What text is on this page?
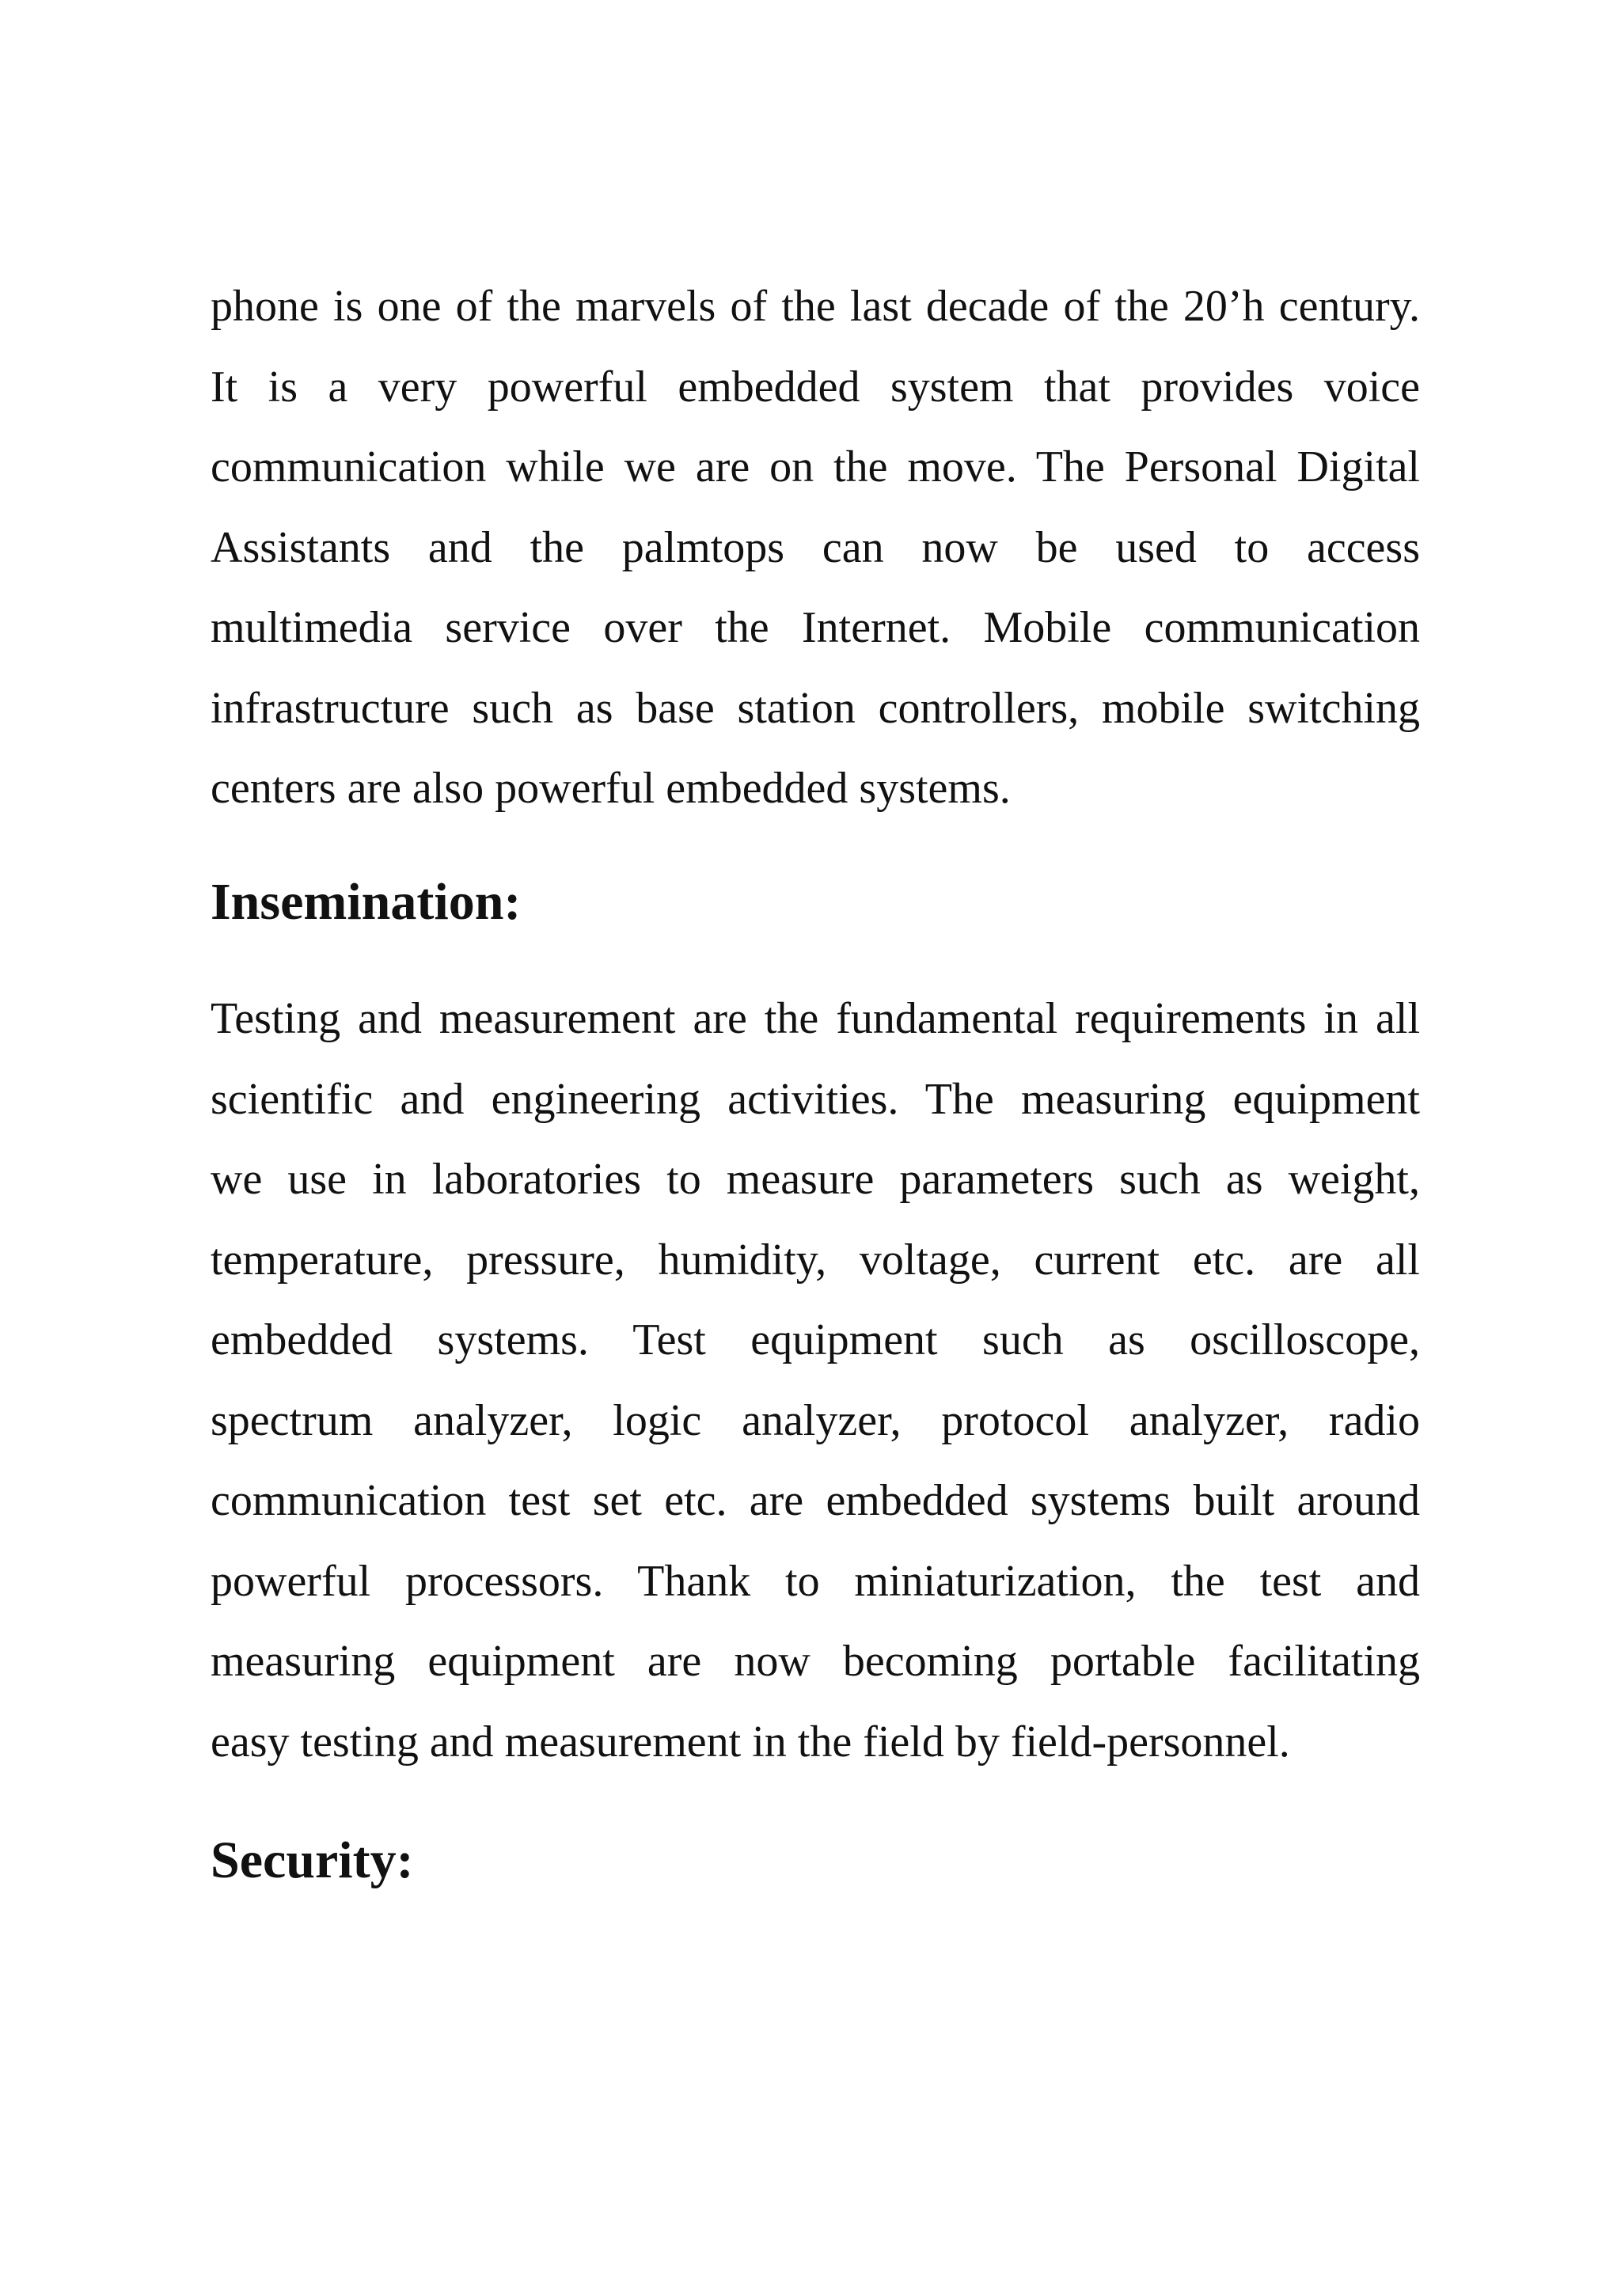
phone is one of the marvels of the last decade of the 20’h century.
It is a very powerful embedded system that provides voice
communication while we are on the move. The Personal Digital
Assistants and the palmtops can now be used to access
multimedia service over the Internet. Mobile communication
infrastructure such as base station controllers, mobile switching
centers are also powerful embedded systems.
Insemination:
Testing and measurement are the fundamental requirements in all
scientific and engineering activities. The measuring equipment
we use in laboratories to measure parameters such as weight,
temperature, pressure, humidity, voltage, current etc. are all
embedded systems. Test equipment such as oscilloscope,
spectrum analyzer, logic analyzer, protocol analyzer, radio
communication test set etc. are embedded systems built around
powerful processors. Thank to miniaturization, the test and
measuring equipment are now becoming portable facilitating
easy testing and measurement in the field by field-personnel.
Security:
